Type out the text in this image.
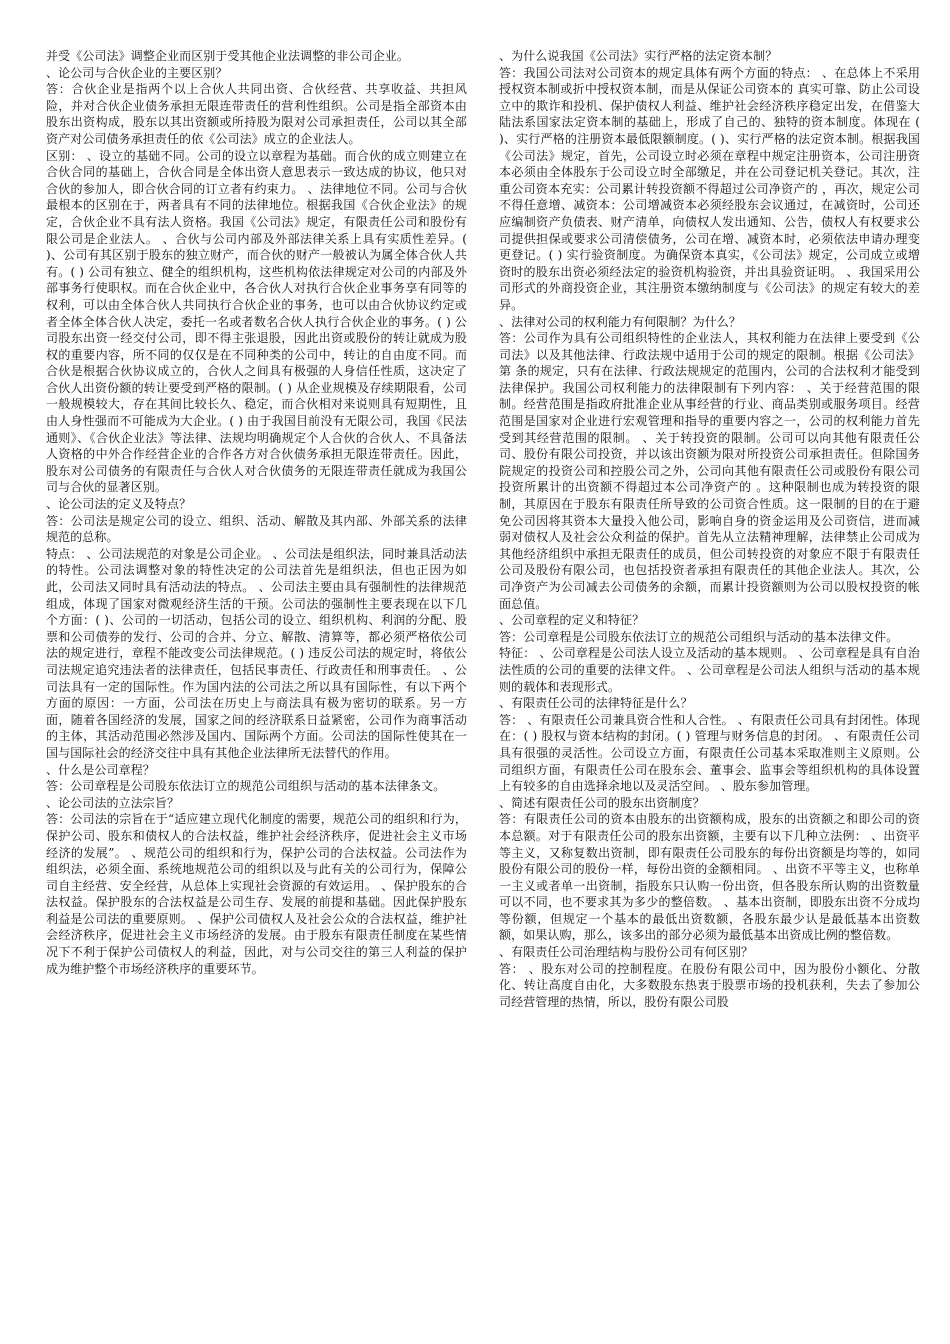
并受《公司法》调整企业而区别于受其他企业法调整的非公司企业。

、论公司与合伙企业的主要区别？

答：合伙企业是指两个以上合伙人共同出资、合伙经营、共享收益、共担风险，并对合伙企业债务承担无限连带责任的营利性组织。公司是指全部资本由股东出资构成，股东以其出资额或所持股为限对公司承担责任，公司以其全部资产对公司债务承担责任的依《公司法》成立的企业法人。

区别： 、设立的基础不同。公司的设立以章程为基础。而合伙的成立则建立在合伙合同的基础上，合伙合同是全体出资人意思表示一致达成的协议，他只对合伙的参加人，即合伙合同的订立者有约束力。 、法律地位不同。公司与合伙最根本的区别在于，两者具有不同的法律地位。根据我国《合伙企业法》的规定，合伙企业不具有法人资格。我国《公司法》规定，有限责任公司和股份有限公司是企业法人。 、合伙与公司内部及外部法律关系上具有实质性差异。( )、公司有其区别于股东的独立财产，而合伙的财产一般被认为属全体合伙人共有。( ) 公司有独立、健全的组织机构，这些机构依法律规定对公司的内部及外部事务行使职权。而在合伙企业中，各合伙人对执行合伙企业事务享有同等的权利，可以由全体合伙人共同执行合伙企业的事务，也可以由合伙协议约定或者全体全体合伙人决定，委托一名或者数名合伙人执行合伙企业的事务。( ) 公司股东出资一经交付公司，即不得主张退股，因此出资或股份的转让就成为股权的重要内容，所不同的仅仅是在不同种类的公司中，转让的自由度不同。而合伙是根据合伙协议成立的，合伙人之间具有极强的人身信任性质，这决定了合伙人出资份额的转让要受到严格的限制。( ) 从企业规模及存续期限看，公司一般规模较大，存在其间比较长久、稳定，而合伙相对来说则具有短期性，且由人身性强而不可能成为大企业。( ) 由于我国目前没有无限公司，我国《民法通则》、《合伙企业法》等法律、法规均明确规定个人合伙的合伙人、不具备法人资格的中外合作经营企业的合作各方对合伙债务承担无限连带责任。因此，股东对公司债务的有限责任与合伙人对合伙债务的无限连带责任就成为我国公司与合伙的显著区别。

、论公司法的定义及特点？

答：公司法是规定公司的设立、组织、活动、解散及其内部、外部关系的法律规范的总称。

特点： 、公司法规范的对象是公司企业。 、公司法是组织法，同时兼具活动法的特性。公司法调整对象的特性决定的公司法首先是组织法，但也正因为如此，公司法又同时具有活动法的特点。 、公司法主要由具有强制性的法律规范组成，体现了国家对微观经济生活的干预。公司法的强制性主要表现在以下几个方面：( )、公司的一切活动，包括公司的设立、组织机构、利润的分配、股票和公司债券的发行、公司的合并、分立、解散、清算等，都必须严格依公司法的规定进行，章程不能改变公司法律规范。( ) 违反公司法的规定时，将依公司法规定追究违法者的法律责任，包括民事责任、行政责任和刑事责任。 、公司法具有一定的国际性。作为国内法的公司法之所以具有国际性，有以下两个方面的原因：一方面，公司法在历史上与商法具有极为密切的联系。另一方面，随着各国经济的发展，国家之间的经济联系日益紧密，公司作为商事活动的主体，其活动范围必然涉及国内、国际两个方面。公司法的国际性使其在一国与国际社会的经济交往中具有其他企业法律所无法替代的作用。

、什么是公司章程？

答：公司章程是公司股东依法订立的规范公司组织与活动的基本法律条文。

、论公司法的立法宗旨？

答：公司法的宗旨在于“适应建立现代化制度的需要，规范公司的组织和行为，保护公司、股东和债权人的合法权益，维护社会经济秩序，促进社会主义市场经济的发展”。 、规范公司的组织和行为，保护公司的合法权益。公司法作为组织法，必须全面、系统地规范公司的组织以及与此有关的公司行为，保障公司自主经营、安全经营，从总体上实现社会资源的有效运用。 、保护股东的合法权益。保护股东的合法权益是公司生存、发展的前提和基础。因此保护股东利益是公司法的重要原则。 、保护公司债权人及社会公众的合法权益，维护社会经济秩序，促进社会主义市场经济的发展。由于股东有限责任制度在某些情况下不利于保护公司债权人的利益，因此，对与公司交往的第三人利益的保护成为维护整个市场经济秩序的重要环节。

、为什么说我国《公司法》实行严格的法定资本制？

答：我国公司法对公司资本的规定具体有两个方面的特点： 、在总体上不采用授权资本制或折中授权资本制，而是从保证公司资本的 真实可靠、防止公司设立中的欺诈和投机、保护债权人利益、维护社会经济秩序稳定出发，在借鉴大陆法系国家法定资本制的基础上，形成了自己的、独特的资本制度。体现在 ( )、实行严格的注册资本最低限额制度。( )、实行严格的法定资本制。根据我国《公司法》规定，首先，公司设立时必须在章程中规定注册资本，公司注册资本必须由全体股东于公司设立时全部缴足，并在公司登记机关登记。其次，注重公司资本充实：公司累计转投资额不得超过公司净资产的 ，再次，规定公司不得任意增、减资本：公司增减资本必须经股东会议通过，在减资时，公司还应编制资产负债表、财产清单，向债权人发出通知、公告，债权人有权要求公司提供担保或要求公司清偿债务，公司在增、减资本时，必须依法申请办理变更登记。( ) 实行验资制度。为确保资本真实，《公司法》规定，公司成立或增资时的股东出资必须经法定的验资机构验资，并出具验资证明。 、我国采用公司形式的外商投资企业，其注册资本缴纳制度与《公司法》的规定有较大的差异。

、法律对公司的权利能力有何限制？为什么？

答：公司作为具有公司组织特性的企业法人，其权利能力在法律上要受到《公司法》以及其他法律、行政法规中适用于公司的规定的限制。根据《公司法》第 条的规定，只有在法律、行政法规规定的范围内，公司的合法权利才能受到法律保护。我国公司权利能力的法律限制有下列内容： 、关于经营范围的限制。经营范围是指政府批准企业从事经营的行业、商品类别或服务项目。经营范围是国家对企业进行宏观管理和指导的重要内容之一，公司的权利能力首先受到其经营范围的限制。 、关于转投资的限制。公司可以向其他有限责任公司、股份有限公司投资，并以该出资额为限对所投资公司承担责任。但除国务院规定的投资公司和控股公司之外，公司向其他有限责任公司或股份有限公司投资所累计的出资额不得超过本公司净资产的 。这种限制也成为转投资的限制，其原因在于股东有限责任所导致的公司资合性质。这一限制的目的在于避免公司因将其资本大量投入他公司，影响自身的资金运用及公司资信，进而减弱对债权人及社会公众利益的保护。首先从立法精神理解，法律禁止公司成为其他经济组织中承担无限责任的成员，但公司转投资的对象应不限于有限责任公司及股份有限公司，也包括投资者承担有限责任的其他企业法人。其次，公司净资产为公司减去公司债务的余额，而累计投资额则为公司以股权投资的帐面总值。

、公司章程的定义和特征？

答：公司章程是公司股东依法订立的规范公司组织与活动的基本法律文件。

特征： 、公司章程是公司法人设立及活动的基本规则。 、公司章程是具有自治法性质的公司的重要的法律文件。 、公司章程是公司法人组织与活动的基本规则的载体和表现形式。

、有限责任公司的法律特征是什么？

答： 、有限责任公司兼具资合性和人合性。 、有限责任公司具有封闭性。体现在：( ) 股权与资本结构的封闭。( ) 管理与财务信息的封闭。 、有限责任公司具有很强的灵活性。公司设立方面，有限责任公司基本采取准则主义原则。公司组织方面，有限责任公司在股东会、董事会、监事会等组织机构的具体设置上有较多的自由选择余地以及灵活空间。 、股东参加管理。

、简述有限责任公司的股东出资制度？

答：有限责任公司的资本由股东的出资额构成，股东的出资额之和即公司的资本总额。对于有限责任公司的股东出资额，主要有以下几种立法例： 、出资平等主义，又称复数出资制，即有限责任公司股东的每份出资额是均等的，如同股份有限公司的股份一样，每份出资的金额相同。 、出资不平等主义，也称单一主义或者单一出资制，指股东只认购一份出资，但各股东所认购的出资数量可以不同，也不要求其为多少的整倍数。 、基本出资制，即股东出资不分成均等份额，但规定一个基本的最低出资数额，各股东最少认是最低基本出资数额，如果认购，那么，该多出的部分必须为最低基本出资成比例的整倍数。

、有限责任公司治理结构与股份公司有何区别？

答： 、股东对公司的控制程度。在股份有限公司中，因为股份小额化、分散化、转让高度自由化，大多数股东热衷于股票市场的投机获利，失去了参加公司经营管理的热情，所以，股份有限公司股
